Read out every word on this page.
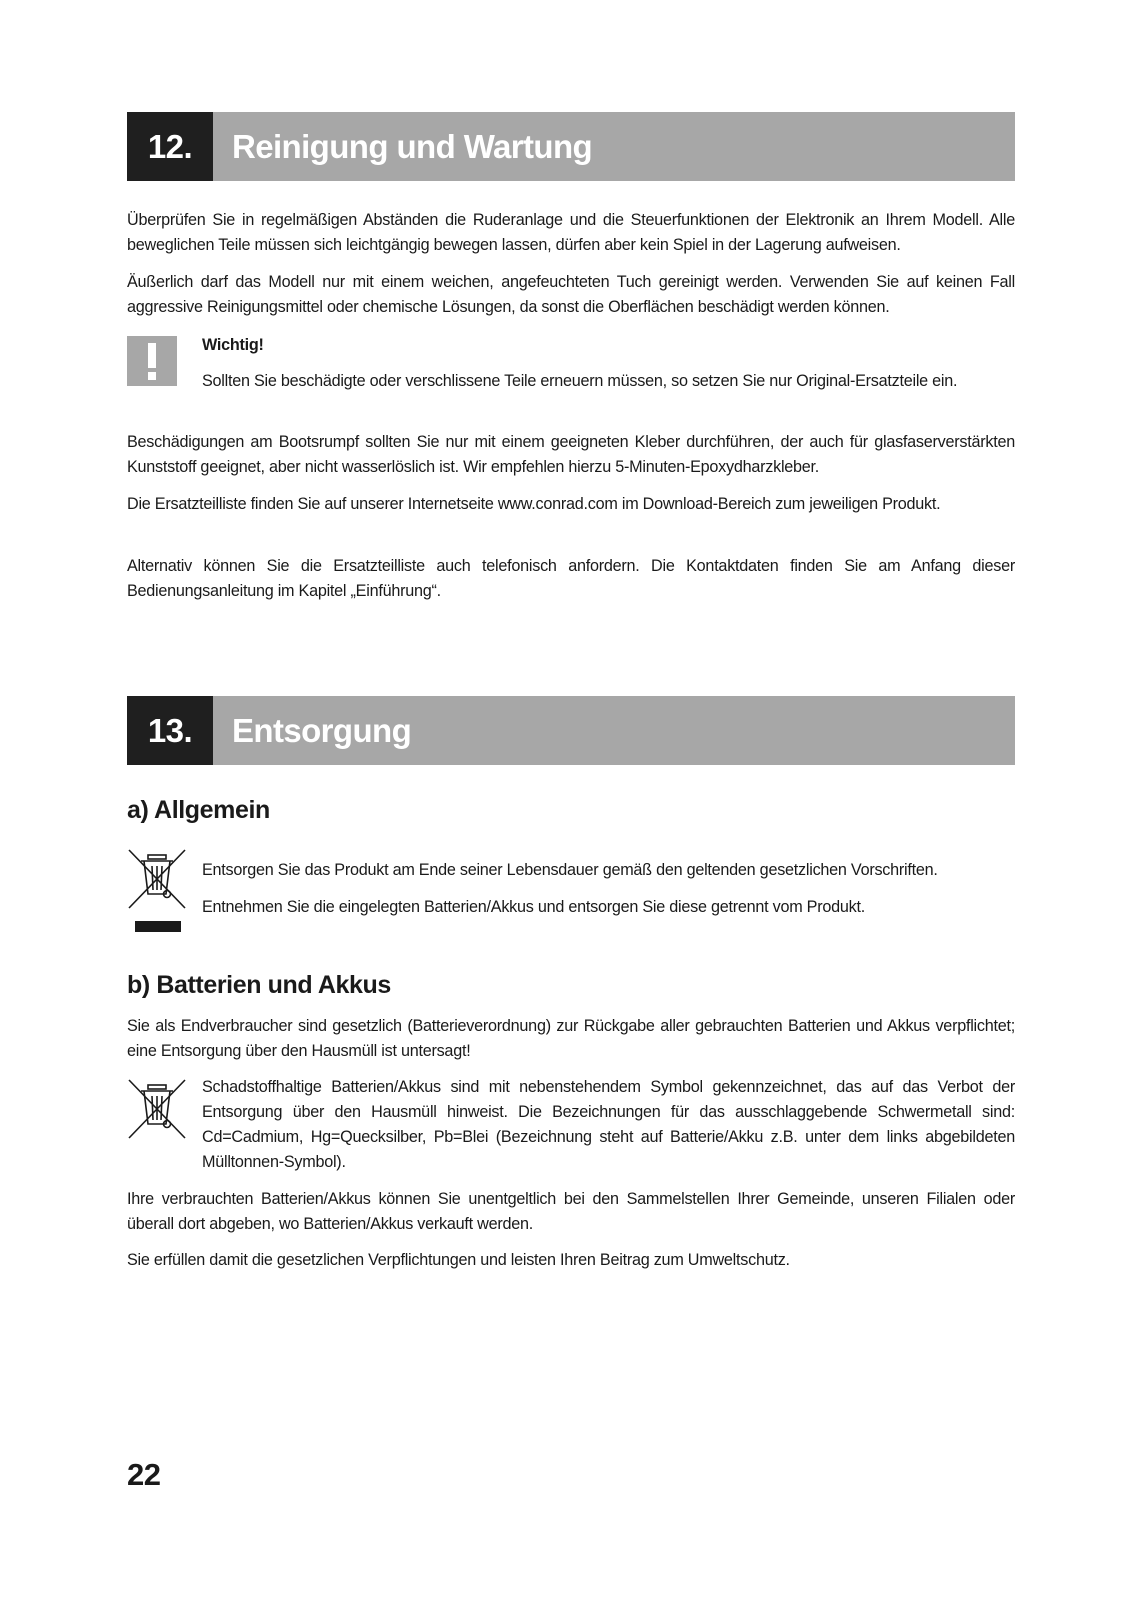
12.	Reinigung und Wartung
Überprüfen Sie in regelmäßigen Abständen die Ruderanlage und die Steuerfunktionen der Elektronik an Ihrem Modell. Alle beweglichen Teile müssen sich leichtgängig bewegen lassen, dürfen aber kein Spiel in der Lagerung aufweisen.
Äußerlich darf das Modell nur mit einem weichen, angefeuchteten Tuch gereinigt werden. Verwenden Sie auf keinen Fall aggressive Reinigungsmittel oder chemische Lösungen, da sonst die Oberflächen beschädigt werden können.
Wichtig!
Sollten Sie beschädigte oder verschlissene Teile erneuern müssen, so setzen Sie nur Original-Ersatzteile ein.
Beschädigungen am Bootsrumpf sollten Sie nur mit einem geeigneten Kleber durchführen, der auch für glasfaserverstärkten Kunststoff geeignet, aber nicht wasserlöslich ist. Wir empfehlen hierzu 5-Minuten-Epoxydharzkleber.
Die Ersatzteilliste finden Sie auf unserer Internetseite www.conrad.com im Download-Bereich zum jeweiligen Produkt.
Alternativ können Sie die Ersatzteilliste auch telefonisch anfordern. Die Kontaktdaten finden Sie am Anfang dieser Bedienungsanleitung im Kapitel „Einführung“.
13.	Entsorgung
a) Allgemein
Entsorgen Sie das Produkt am Ende seiner Lebensdauer gemäß den geltenden gesetzlichen Vorschriften.
Entnehmen Sie die eingelegten Batterien/Akkus und entsorgen Sie diese getrennt vom Produkt.
b) Batterien und Akkus
Sie als Endverbraucher sind gesetzlich (Batterieverordnung) zur Rückgabe aller gebrauchten Batterien und Akkus verpflichtet; eine Entsorgung über den Hausmüll ist untersagt!
Schadstoffhaltige Batterien/Akkus sind mit nebenstehendem Symbol gekennzeichnet, das auf das Verbot der Entsorgung über den Hausmüll hinweist. Die Bezeichnungen für das ausschlaggebende Schwermetall sind: Cd=Cadmium, Hg=Quecksilber, Pb=Blei (Bezeichnung steht auf Batterie/Akku z.B. unter dem links abgebildeten Mülltonnen-Symbol).
Ihre verbrauchten Batterien/Akkus können Sie unentgeltlich bei den Sammelstellen Ihrer Gemeinde, unseren Filialen oder überall dort abgeben, wo Batterien/Akkus verkauft werden.
Sie erfüllen damit die gesetzlichen Verpflichtungen und leisten Ihren Beitrag zum Umweltschutz.
22
